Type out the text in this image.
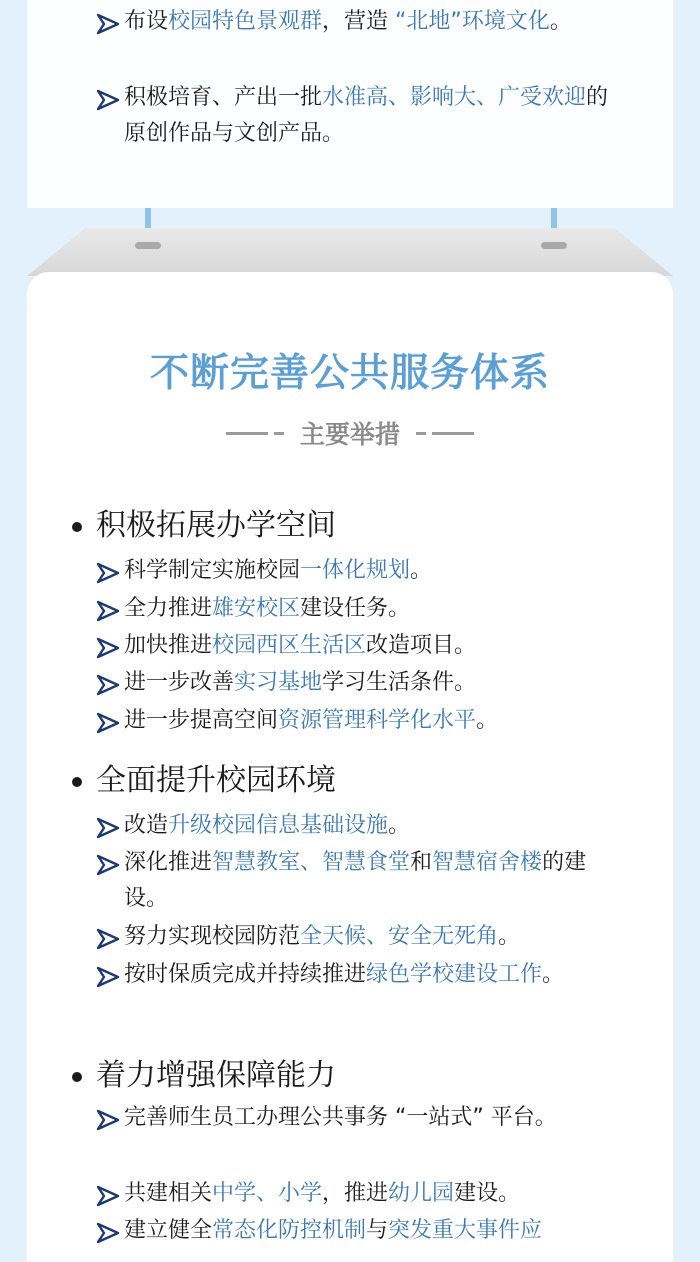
不断完善公共服务体系
主要举措
布设校园特色景观群，营造 “北地”环境文化。
积极培育、产出一批水准高、影响大、广受欢迎的原创作品与文创产品。
积极拓展办学空间
科学制定实施校园一体化规划。
全力推进雄安校区建设任务。
加快推进校园西区生活区改造项目。
进一步改善实习基地学习生活条件。
进一步提高空间资源管理科学化水平。
全面提升校园环境
改造升级校园信息基础设施。
深化推进智慧教室、智慧食堂和智慧宿舍楼的建设。
努力实现校园防范全天候、安全无死角。
按时保质完成并持续推进绿色学校建设工作。
着力增强保障能力
完善师生员工办理公共事务 “一站式” 平台。
共建相关中学、小学，推进幼儿园建设。
建立健全常态化防控机制与突发重大事件应
